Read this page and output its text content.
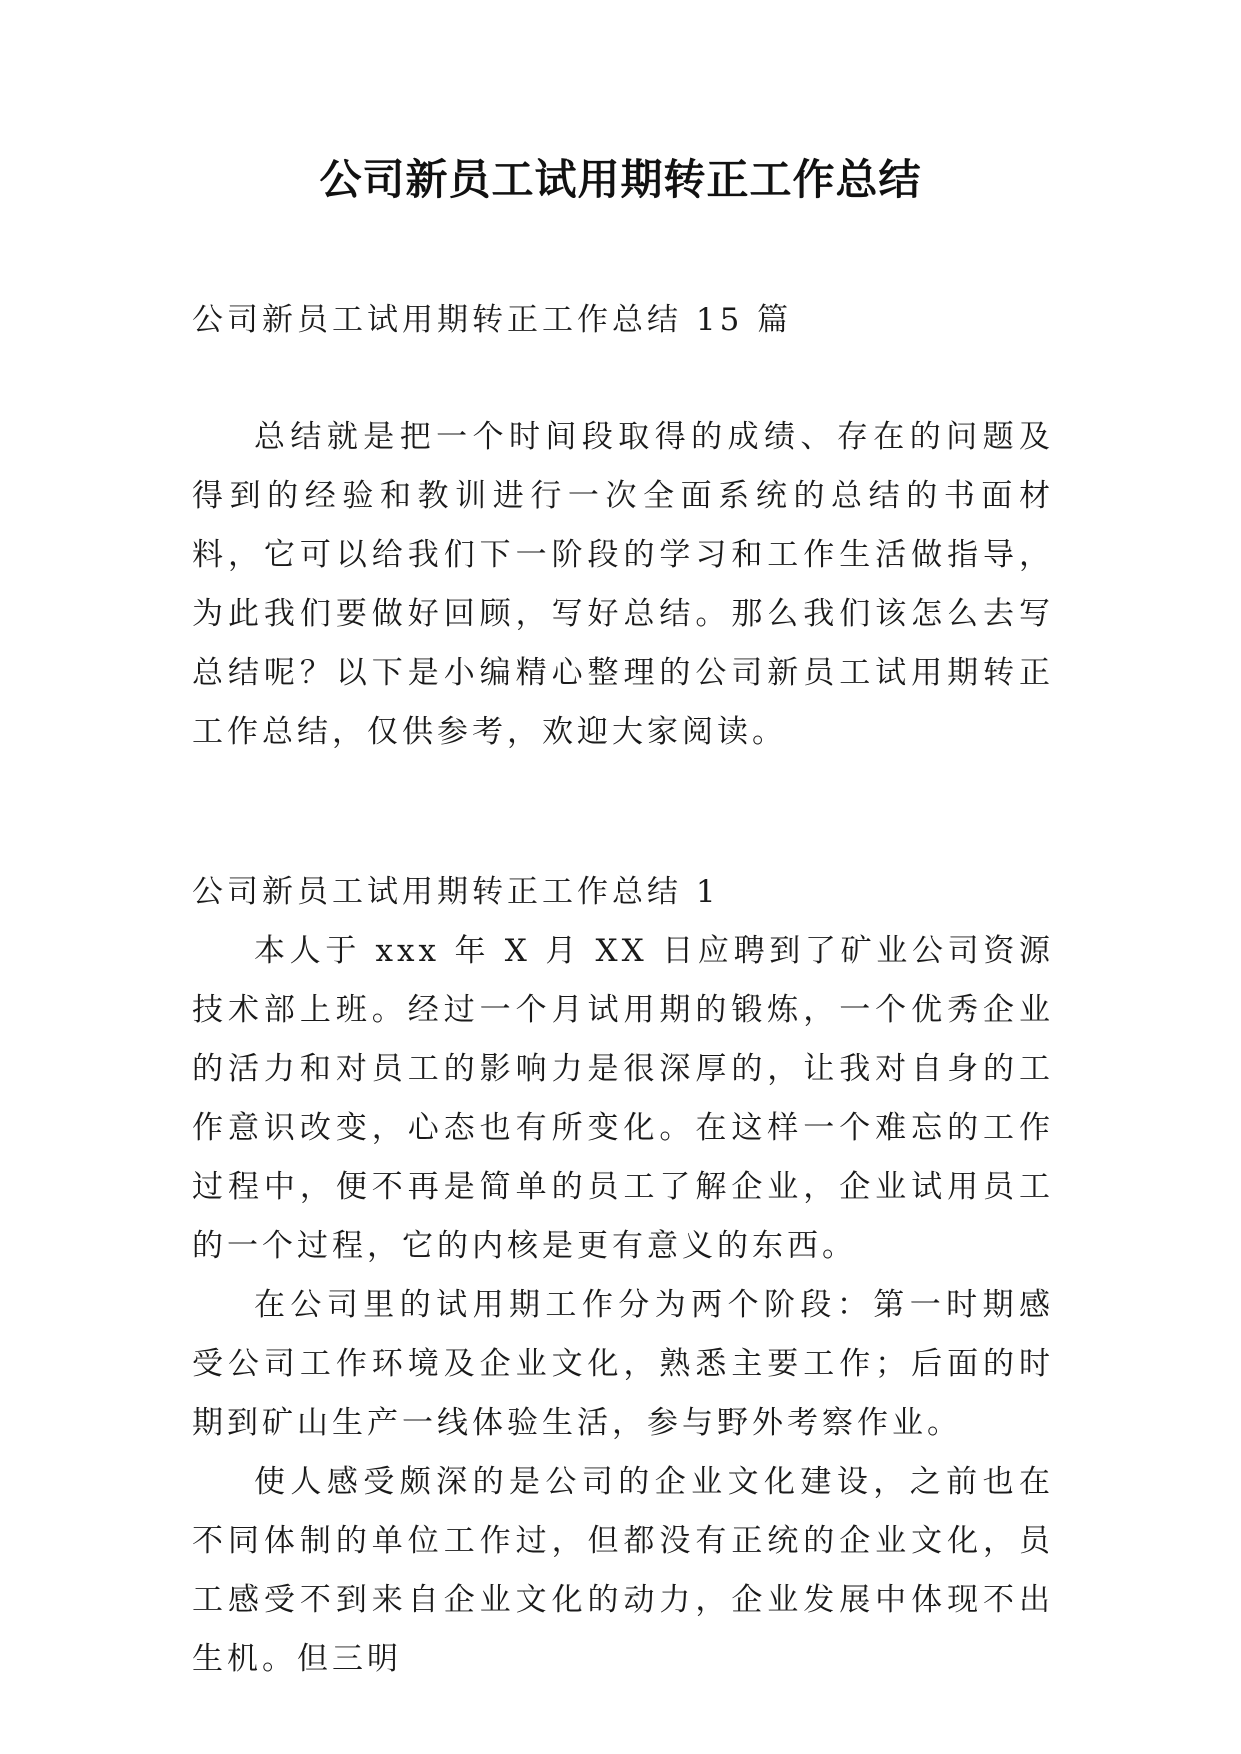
公司新员工试用期转正工作总结

公司新员工试用期转正工作总结 15 篇

总结就是把一个时间段取得的成绩、存在的问题及得到的经验和教训进行一次全面系统的总结的书面材料，它可以给我们下一阶段的学习和工作生活做指导，为此我们要做好回顾，写好总结。那么我们该怎么去写总结呢？以下是小编精心整理的公司新员工试用期转正工作总结，仅供参考，欢迎大家阅读。

公司新员工试用期转正工作总结 1

本人于 xxx 年 X 月 XX 日应聘到了矿业公司资源技术部上班。经过一个月试用期的锻炼，一个优秀企业的活力和对员工的影响力是很深厚的，让我对自身的工作意识改变，心态也有所变化。在这样一个难忘的工作过程中，便不再是简单的员工了解企业，企业试用员工的一个过程，它的内核是更有意义的东西。

在公司里的试用期工作分为两个阶段：第一时期感受公司工作环境及企业文化，熟悉主要工作；后面的时期到矿山生产一线体验生活，参与野外考察作业。

使人感受颇深的是公司的企业文化建设，之前也在不同体制的单位工作过，但都没有正统的企业文化，员工感受不到来自企业文化的动力，企业发展中体现不出生机。但三明
